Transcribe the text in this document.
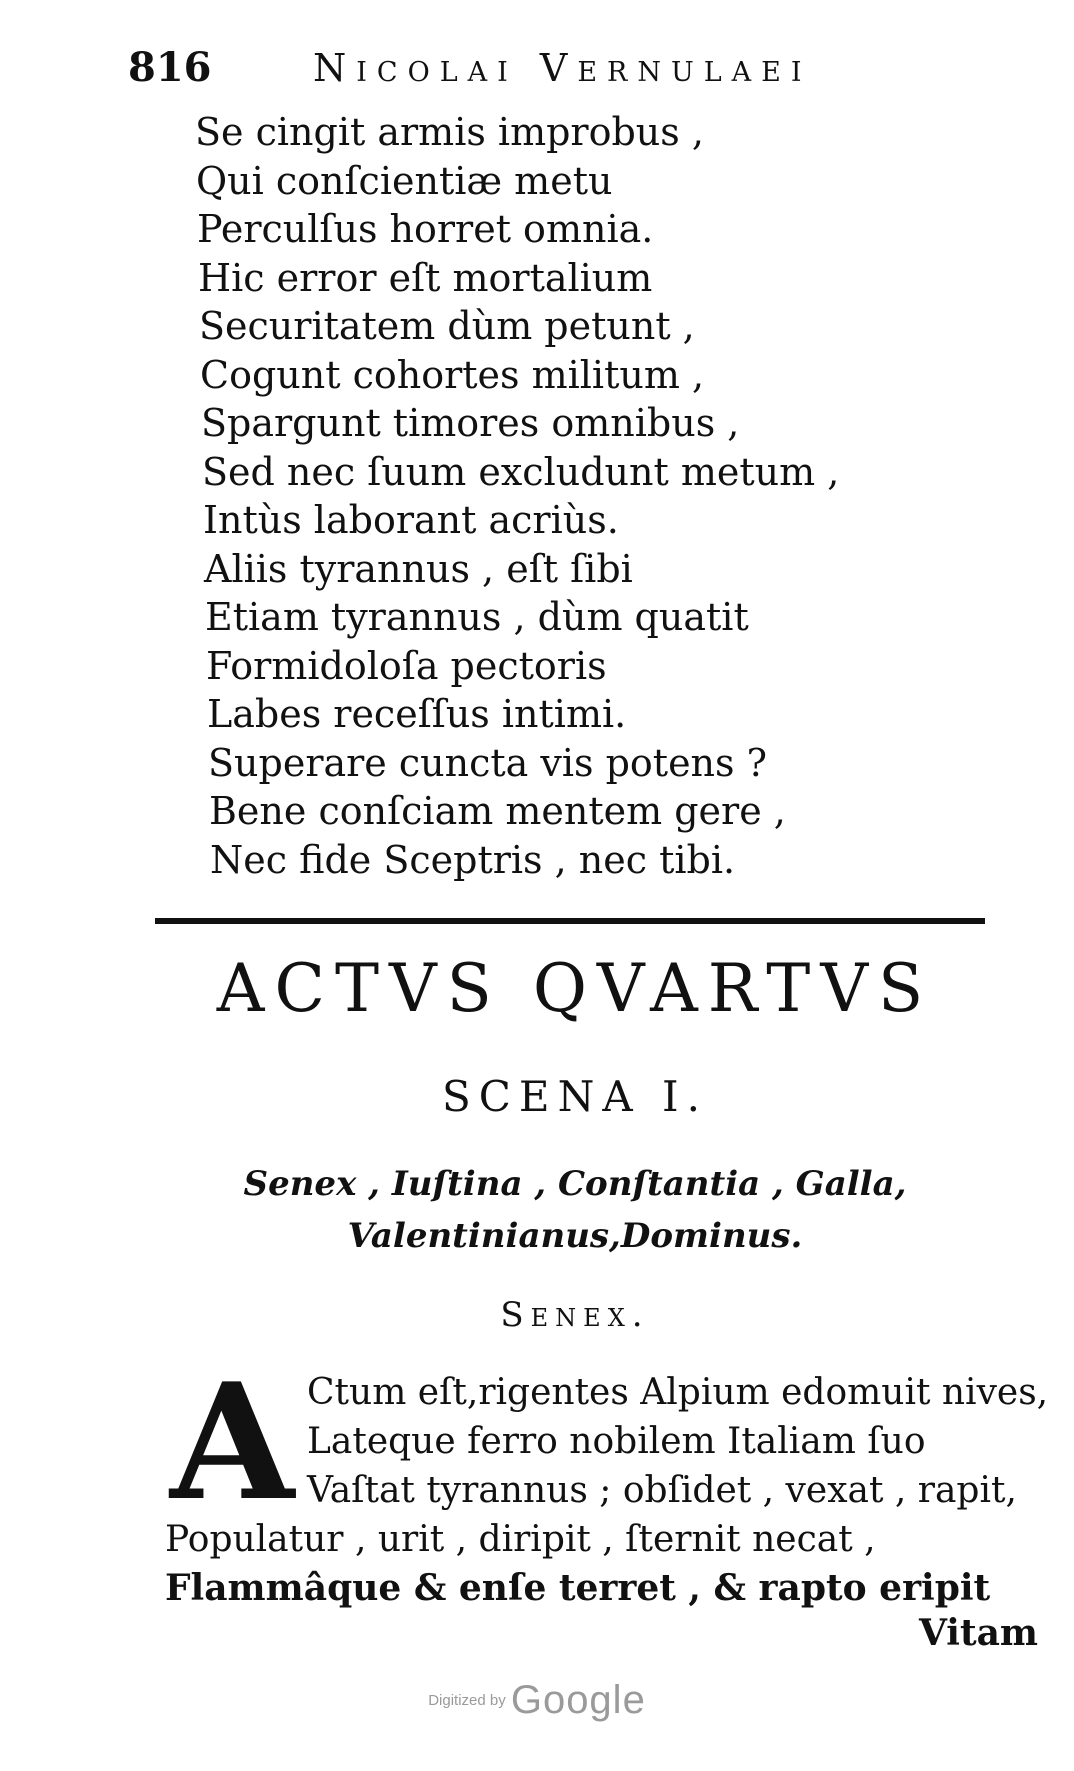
816	Nicolai Vernulaei
Se cingit armis improbus ,
Qui conſcientiæ metu
Perculſus horret omnia.
Hic error eſt mortalium
Securitatem dùm petunt ,
Cogunt cohortes militum ,
Spargunt timores omnibus ,
Sed nec ſuum excludunt metum ,
Intùs laborant acriùs.
Aliis tyrannus , eſt ſibi
Etiam tyrannus , dùm quatit
Formidoloſa pectoris
Labes receſſus intimi.
Superare cuncta vis potens ?
Bene conſciam mentem gere ,
Nec fide Sceptris , nec tibi.
ACTVS QVARTVS
SCENA I.
Senex , Iuſtina , Conſtantia , Galla,
Valentinianus,Dominus.
Senex.
A Ctum eſt,rigentes Alpium edomuit nives,
Lateque ferro nobilem Italiam ſuo
Vaſtat tyrannus ; obſidet , vexat , rapit,
Populatur , urit , diripit , ſternit necat ,
Flammâque & enſe terret , & rapto eripit
Vitam
Digitized by Google
